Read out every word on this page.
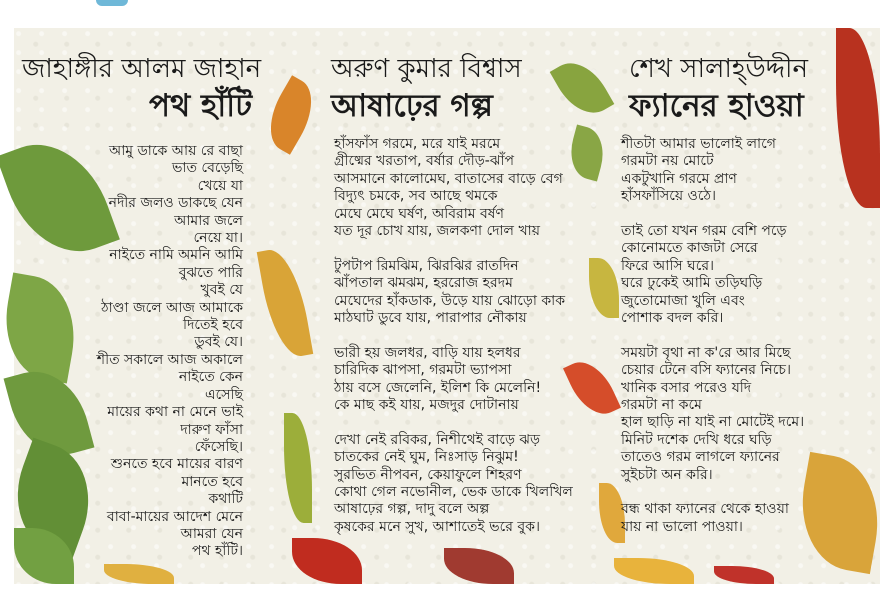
জাহাঙ্গীর আলম জাহান
পথ হাঁটি
আমু ডাকে আয় রে বাছা
ভাত বেড়েছি
খেয়ে যা
নদীর জলও ডাকছে যেন
আমার জলে
নেয়ে যা।
নাইতে নামি অমনি আমি
বুঝতে পারি
খুবই যে
ঠাণ্ডা জলে আজ আমাকে
দিতেই হবে
ডুবই যে।
শীত সকালে আজ অকালে
নাইতে কেন
এসেছি
মায়ের কথা না মেনে ভাই
দারুণ ফাঁসা
ফেঁসেছি।
শুনতে হবে মায়ের বারণ
মানতে হবে
কথাটি
বাবা-মায়ের আদেশ মেনে
আমরা যেন
পথ হাঁটি।
অরুণ কুমার বিশ্বাস
আষাঢ়ের গল্প
হাঁসফাঁস গরমে, মরে যাই মরমে
গ্রীষ্মের খরতাপ, বর্ষার দৌড়-ঝাঁপ
আসমানে কালোমেঘ, বাতাসের বাড়ে বেগ
বিদ্যুৎ চমকে, সব আছে থমকে
মেঘে মেঘে ঘর্ষণ, অবিরাম বর্ষণ
যত দূর চোখ যায়, জলকণা দোল খায়
টুপটাপ রিমঝিম, ঝিরঝির রাতদিন
ঝাঁপতাল ঝমঝম, হররোজ হরদম
মেঘেদের হাঁকডাক, উড়ে যায় ঝোড়ো কাক
মাঠঘাট ডুবে যায়, পারাপার নৌকায়
ভারী হয় জলধর, বাড়ি যায় হলধর
চারিদিক ঝাপসা, গরমটা ভ্যাপসা
ঠায় বসে জেলেনি, ইলিশ কি মেলেনি!
কে মাছ কই যায়, মজদুর দোটানায়
দেখা নেই রবিকর, নিশীথেই বাড়ে ঝড়
চাতকের নেই ঘুম, নিঃসাড় নিঝুম!
সুরভিত নীপবন, কেয়াফুলে শিহরণ
কোথা গেল নভোনীল, ভেক ডাকে খিলখিল
আষাঢ়ের গল্প, দাদু বলে অল্প
কৃষকের মনে সুখ, আশাতেই ভরে বুক।
শেখ সালাহ্উদ্দীন
ফ্যানের হাওয়া
শীতটা আমার ভালোই লাগে
গরমটা নয় মোটে
একটুখানি গরমে প্রাণ
হাঁসফাঁসিয়ে ওঠে।
তাই তো যখন গরম বেশি পড়ে
কোনোমতে কাজটা সেরে
ফিরে আসি ঘরে।
ঘরে ঢুকেই আমি তড়িঘড়ি
জুতোমোজা খুলি এবং
পোশাক বদল করি।
সময়টা বৃথা না ক'রে আর মিছে
চেয়ার টেনে বসি ফ্যানের নিচে।
খানিক বসার পরেও যদি
গরমটা না কমে
হাল ছাড়ি না যাই না মোটেই দমে।
মিনিট দশেক দেখি ধরে ঘড়ি
তাতেও গরম লাগলে ফ্যানের
সুইচটা অন করি।
বন্ধ থাকা ফ্যানের থেকে হাওয়া
যায় না ভালো পাওয়া।
